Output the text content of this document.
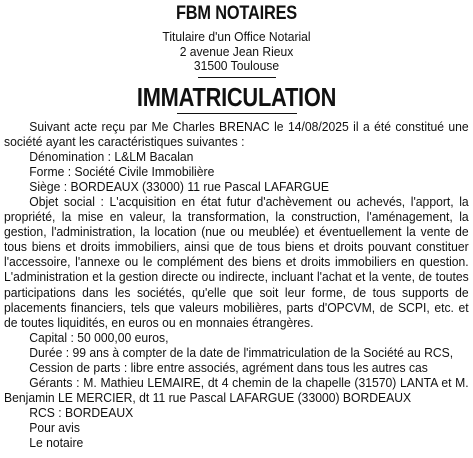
FBM NOTAIRES
Titulaire d'un Office Notarial
2 avenue Jean Rieux
31500 Toulouse
IMMATRICULATION

Suivant acte reçu par Me Charles BRENAC le 14/08/2025 il a été constitué une société ayant les caractéristiques suivantes :

Dénomination : L&LM Bacalan

Forme : Société Civile Immobilière

Siège : BORDEAUX (33000) 11 rue Pascal LAFARGUE

Objet social : L'acquisition en état futur d'achèvement ou achevés, l'apport, la propriété, la mise en valeur, la transformation, la construction, l'aménagement, la gestion, l'administration, la location (nue ou meublée) et éventuellement la vente de tous biens et droits immobiliers, ainsi que de tous biens et droits pouvant constituer l'accessoire, l'annexe ou le complément des biens et droits immobiliers en question. L'administration et la gestion directe ou indirecte, incluant l'achat et la vente, de toutes participations dans les sociétés, qu'elle que soit leur forme, de tous supports de placements financiers, tels que valeurs mobilières, parts d'OPCVM, de SCPI, etc. et de toutes liquidités, en euros ou en monnaies étrangères.

Capital : 50 000,00 euros,

Durée : 99 ans à compter de la date de l'immatriculation de la Société au RCS,

Cession de parts : libre entre associés, agrément dans tous les autres cas

Gérants : M. Mathieu LEMAIRE, dt 4 chemin de la chapelle (31570) LANTA et M. Benjamin LE MERCIER, dt 11 rue Pascal LAFARGUE (33000) BORDEAUX

RCS : BORDEAUX

Pour avis

Le notaire
